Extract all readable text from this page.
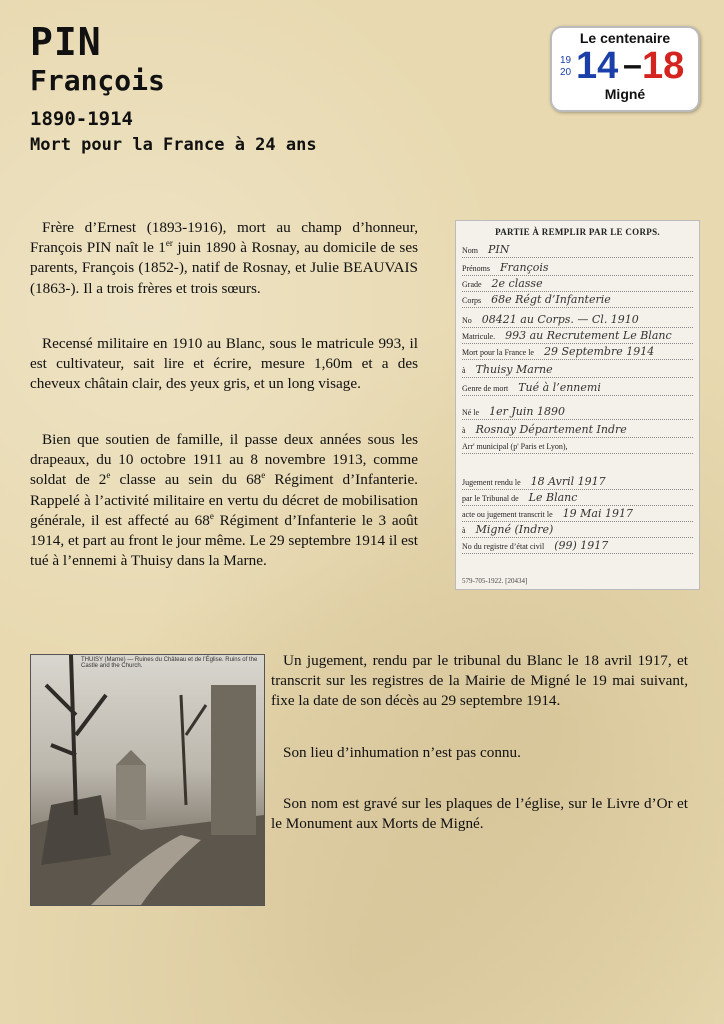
PIN
François
1890-1914
Mort pour la France à 24 ans
Le centenaire
19
20 14 – 18
Migné

Frère d’Ernest (1893-1916), mort au champ d’honneur, François PIN naît le 1er juin 1890 à Rosnay, au domicile de ses parents, François (1852-), natif de Rosnay, et Julie BEAUVAIS (1863-). Il a trois frères et trois sœurs.

Recensé militaire en 1910 au Blanc, sous le matricule 993, il est cultivateur, sait lire et écrire, mesure 1,60m et a des cheveux châtain clair, des yeux gris, et un long visage.

Bien que soutien de famille, il passe deux années sous les drapeaux, du 10 octobre 1911 au 8 novembre 1913, comme soldat de 2e classe au sein du 68e Régiment d’Infanterie. Rappelé à l’activité militaire en vertu du décret de mobilisation générale, il est affecté au 68e Régiment d’Infanterie le 3 août 1914, et part au front le jour même. Le 29 septembre 1914 il est tué à l’ennemi à Thuisy dans la Marne.

PARTIE À REMPLIR PAR LE CORPS.
Nom PIN
Prénoms François
Grade 2e classe
Corps 68e Régt d’Infanterie
No 08421 au Corps. — Cl. 1910
Matricule. 993 au Recrutement Le Blanc
Mort pour la France le 29 Septembre 1914
à Thuisy Marne
Genre de mort Tué à l’ennemi
Né le 1er Juin 1890
à Rosnay Département Indre
Arr' municipal (p' Paris et Lyon),
Jugement rendu le 18 Avril 1917
par le Tribunal de Le Blanc
acte ou jugement transcrit le 19 Mai 1917
à Migné (Indre)
No du registre d’état civil (99) 1917
579-705-1922. [20434]
THUISY (Marne) — Ruines du Château et de l’Église. Ruins of the Castle and the Church.	Un jugement, rendu par le tribunal du Blanc le 18 avril 1917, et transcrit sur les registres de la Mairie de Migné le 19 mai suivant, fixe la date de son décès au 29 septembre 1914.

Son lieu d’inhumation n’est pas connu.

Son nom est gravé sur les plaques de l’église, sur le Livre d’Or et le Monument aux Morts de Migné.
